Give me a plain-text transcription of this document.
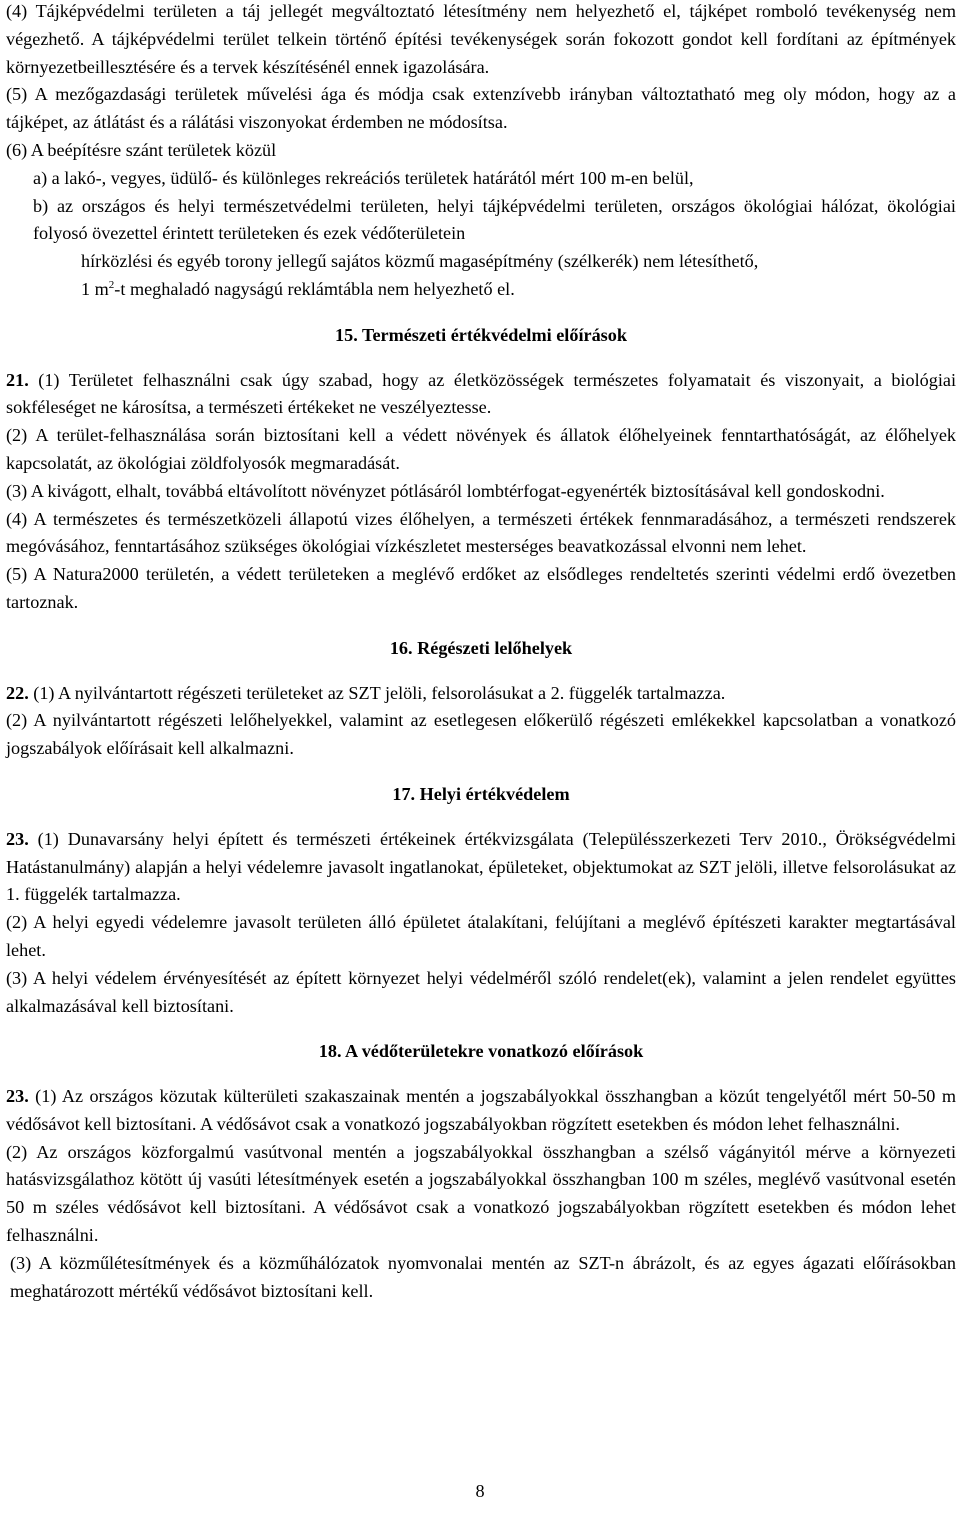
(4) Tájképvédelmi területen a táj jellegét megváltoztató létesítmény nem helyezhető el, tájképet romboló tevékenység nem végezhető. A tájképvédelmi terület telkein történő építési tevékenységek során fokozott gondot kell fordítani az építmények környezetbeillesztésére és a tervek készítésénél ennek igazolására.

(5) A mezőgazdasági területek művelési ága és módja csak extenzívebb irányban változtatható meg oly módon, hogy az a tájképet, az átlátást és a rálátási viszonyokat érdemben ne módosítsa.

(6) A beépítésre szánt területek közül

a) a lakó-, vegyes, üdülő- és különleges rekreációs területek határától mért 100 m-en belül,

b) az országos és helyi természetvédelmi területen, helyi tájképvédelmi területen, országos ökológiai hálózat, ökológiai folyosó övezettel érintett területeken és ezek védőterületein

hírközlési és egyéb torony jellegű sajátos közmű magasépítmény (szélkerék) nem létesíthető,

1 $m^2-t$ meghaladó nagyságú reklámtábla nem helyezhető el.

15. Természeti értékvédelmi előírások

21. (1) Területet felhasználni csak úgy szabad, hogy az életközösségek természetes folyamatait és viszonyait, a biológiai sokféleséget ne károsítsa, a természeti értékeket ne veszélyeztesse.

(2) A terület-felhasználása során biztosítani kell a védett növények és állatok élőhelyeinek fenntarthatóságát, az élőhelyek kapcsolatát, az ökológiai zöldfolyosók megmaradását.

(3) A kivágott, elhalt, továbbá eltávolított növényzet pótlásáról lombtérfogat-egyenérték biztosításával kell gondoskodni.

(4) A természetes és természetközeli állapotú vizes élőhelyen, a természeti értékek fennmaradásához, a természeti rendszerek megóvásához, fenntartásához szükséges ökológiai vízkészletet mesterséges beavatkozással elvonni nem lehet.

(5) A Natura2000 területén, a védett területeken a meglévő erdőket az elsődleges rendeltetés szerinti védelmi erdő övezetben tartoznak.

16. Régészeti lelőhelyek

22. (1) A nyilvántartott régészeti területeket az SZT jelöli, felsorolásukat a 2. függelék tartalmazza.

(2) A nyilvántartott régészeti lelőhelyekkel, valamint az esetlegesen előkerülő régészeti emlékekkel kapcsolatban a vonatkozó jogszabályok előírásait kell alkalmazni.

17. Helyi értékvédelem

23. (1) Dunavarsány helyi épített és természeti értékeinek értékvizsgálata (Településszerkezeti Terv 2010., Örökségvédelmi Hatástanulmány) alapján a helyi védelemre javasolt ingatlanokat, épületeket, objektumokat az SZT jelöli, illetve felsorolásukat az 1. függelék tartalmazza.

(2) A helyi egyedi védelemre javasolt területen álló épületet átalakítani, felújítani a meglévő építészeti karakter megtartásával lehet.

(3) A helyi védelem érvényesítését az épített környezet helyi védelméről szóló rendelet(ek), valamint a jelen rendelet együttes alkalmazásával kell biztosítani.

18. A védőterületekre vonatkozó előírások

23. (1) Az országos közutak külterületi szakaszainak mentén a jogszabályokkal összhangban a közút tengelyétől mért 50-50 m védősávot kell biztosítani. A védősávot csak a vonatkozó jogszabályokban rögzített esetekben és módon lehet felhasználni.

(2) Az országos közforgalmú vasútvonal mentén a jogszabályokkal összhangban a szélső vágányitól mérve a környezeti hatásvizsgálathoz kötött új vasúti létesítmények esetén a jogszabályokkal összhangban 100 m széles, meglévő vasútvonal esetén 50 m széles védősávot kell biztosítani. A védősávot csak a vonatkozó jogszabályokban rögzített esetekben és módon lehet felhasználni.

(3) A közműlétesítmények és a közműhálózatok nyomvonalai mentén az SZT-n ábrázolt, és az egyes ágazati előírásokban meghatározott mértékű védősávot biztosítani kell.

8
